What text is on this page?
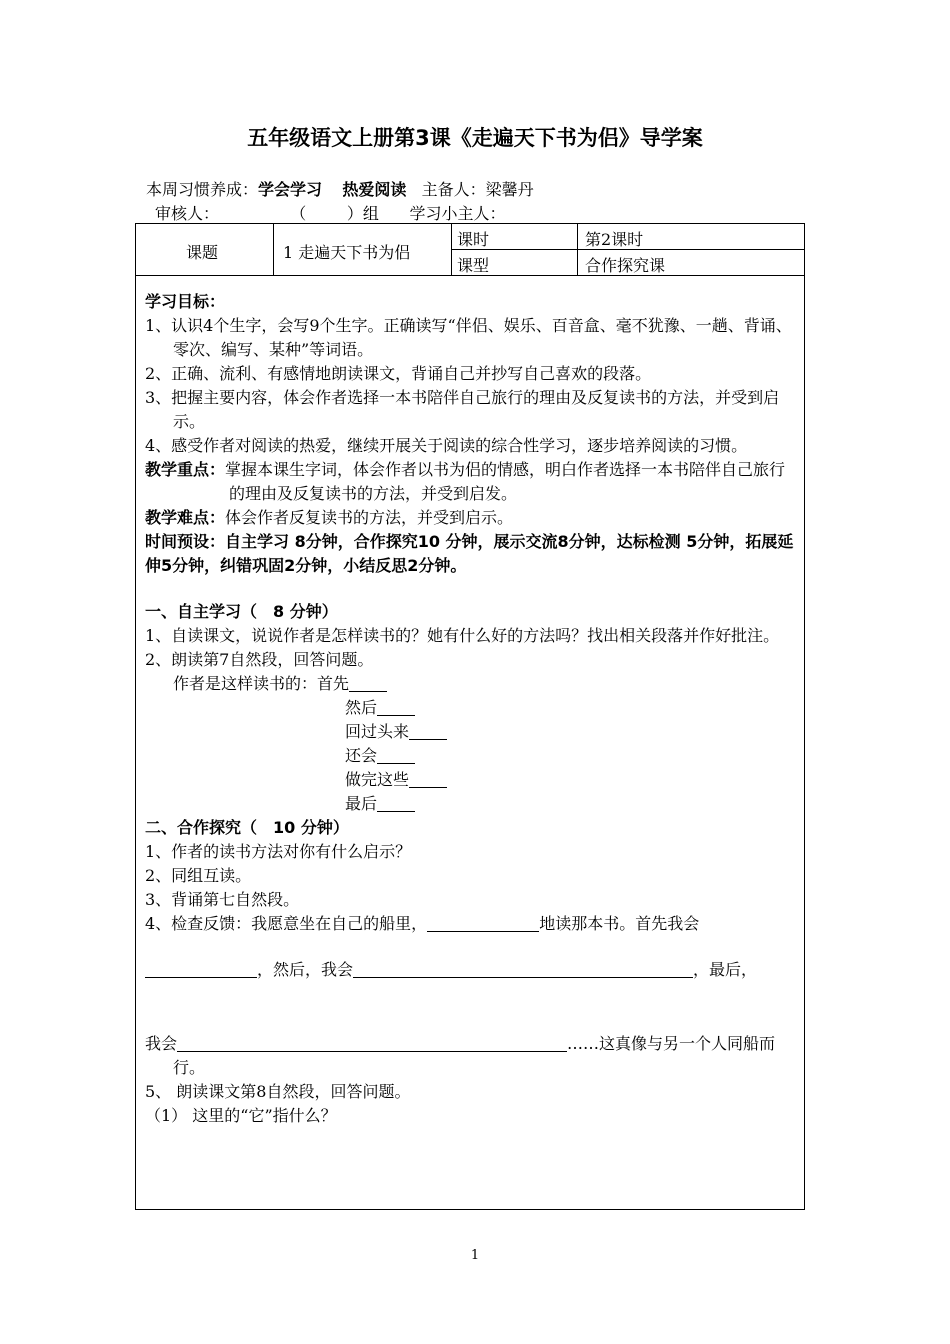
五年级语文上册第3课《走遍天下书为侣》导学案
本周习惯养成：学会学习 热爱阅读 主备人：梁馨丹
审核人：	（        ）组 学习小主人：
课题	1 走遍天下书为侣
课时	第2课时
课型	合作探究课

学习目标：

1、认识4个生字，会写9个生字。正确读写“伴侣、娱乐、百音盒、毫不犹豫、一趟、背诵、零次、编写、某种”等词语。

2、正确、流利、有感情地朗读课文，背诵自己并抄写自己喜欢的段落。

3、把握主要内容，体会作者选择一本书陪伴自己旅行的理由及反复读书的方法，并受到启示。

4、感受作者对阅读的热爱，继续开展关于阅读的综合性学习，逐步培养阅读的习惯。

教学重点：掌握本课生字词，体会作者以书为侣的情感，明白作者选择一本书陪伴自己旅行的理由及反复读书的方法，并受到启发。

教学难点：体会作者反复读书的方法，并受到启示。

时间预设：自主学习 8分钟，合作探究10 分钟，展示交流8分钟，达标检测 5分钟，拓展延伸5分钟，纠错巩固2分钟，小结反思2分钟。

一、自主学习（　8 分钟）

1、自读课文，说说作者是怎样读书的？她有什么好的方法吗？找出相关段落并作好批注。

2、朗读第7自然段，回答问题。

作者是这样读书的：首先

然后

回过头来

还会

做完这些

最后

二、合作探究（　10 分钟）

1、作者的读书方法对你有什么启示？

2、同组互读。

3、背诵第七自然段。

4、检查反馈：我愿意坐在自己的船里，	地读那本书。首先我会

，然后，我会	，最后，

我会	……这真像与另一个人同船而行。

5、 朗读课文第8自然段，回答问题。

（1） 这里的“它”指什么？

1
